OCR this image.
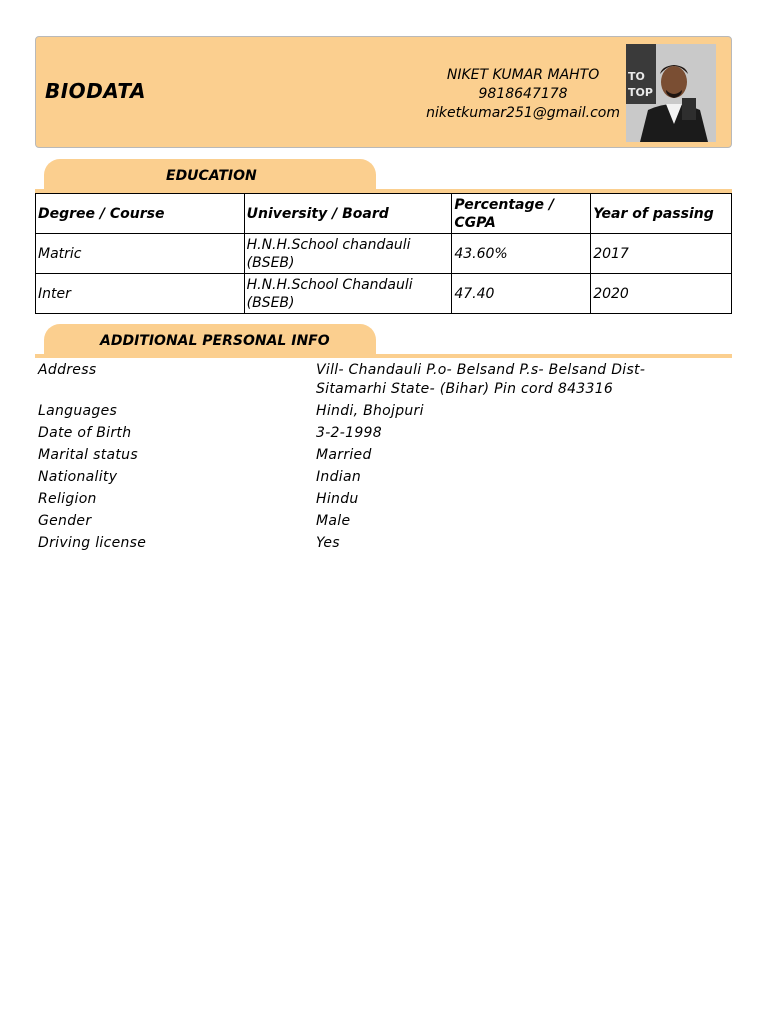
BIODATA
NIKET KUMAR MAHTO
9818647178
niketkumar251@gmail.com
TO
TOP
EDUCATION
Degree / Course	University / Board	Percentage / CGPA	Year of passing
Matric	H.N.H.School chandauli (BSEB)	43.60%	2017
Inter	H.N.H.School Chandauli (BSEB)	47.40	2020
ADDITIONAL PERSONAL INFO
Address	Vill- Chandauli P.o- Belsand P.s- Belsand Dist- Sitamarhi State- (Bihar) Pin cord 843316
Languages	Hindi, Bhojpuri
Date of Birth	3-2-1998
Marital status	Married
Nationality	Indian
Religion	Hindu
Gender	Male
Driving license	Yes
